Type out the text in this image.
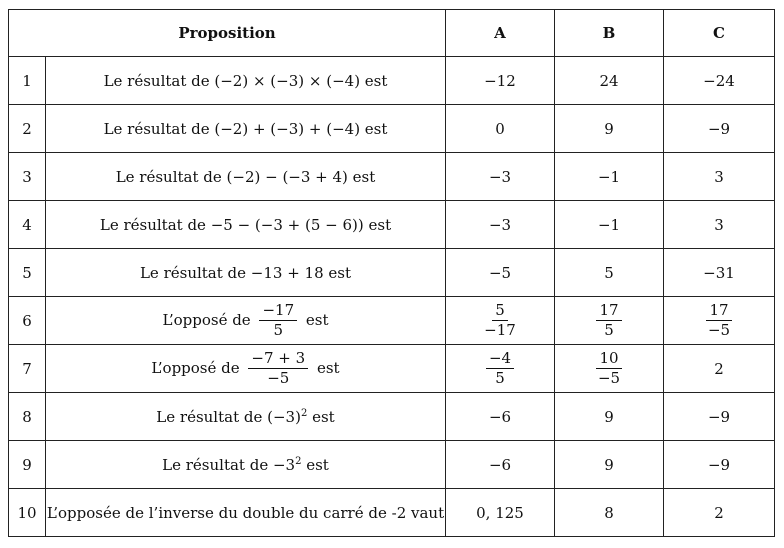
Proposition		A	B	C
1	Le résultat de (−2) × (−3) × (−4) est	−12	24	−24
2	Le résultat de (−2) + (−3) + (−4) est	0	9	−9
3	Le résultat de (−2) − (−3 + 4) est	−3	−1	3
4	Le résultat de −5 − (−3 + (5 − 6)) est	−3	−1	3
5	Le résultat de −13 + 18 est	−5	5	−31
6	L’opposé de $\frac{-17}{5}$ est	$\frac{5}{-17}$	$\frac{17}{5}$	$\frac{17}{-5}$

7	L’opposé de $\frac{-7 + 3}{-5}$ est	$\frac{-4}{5}$	$\frac{10}{-5}$	2
8	Le résultat de $(-3)^2$ est	−6	9	−9
9	Le résultat de $-3^2$ est	−6	9	−9
10	L’opposée de l’inverse du double du carré de -2 vaut	0, 125	8	2
